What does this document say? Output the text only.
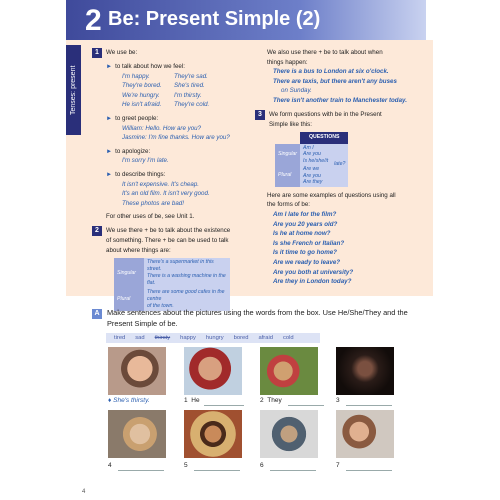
2 Be: Present Simple (2)
Tenses: present
1 We use be:
► to talk about how we feel:
I'm happy.	They're sad.
They're bored. She's tired.
We're hungry. I'm thirsty.
He isn't afraid. They're cold.
► to greet people:
William: Hello. How are you?
Jasmine: I'm fine thanks. How are you?
► to apologize:
I'm sorry I'm late.
► to describe things:
It isn't expensive. It's cheap.
It's an old film. It isn't very good.
These photos are bad!
For other uses of be, see Unit 1.
2 We use there + be to talk about the existence
of something. There + be can be used to talk
about where things are:
Singular	There's a supermarket in this street.
There is a washing machine in the flat.

Plural	There are some good cafes in the centre
of the town.
We also use there + be to talk about when
things happen:
There is a bus to London at six o'clock.
There are taxis, but there aren't any buses
on Sunday.
There isn't another train to Manchester today.
3 We form questions with be in the Present
Simple like this:
	QUESTIONS	
Singular	Am I
Are you
Is he/she/it	late?
Plural	Are we
Are you
Are they	
Here are some examples of questions using all
the forms of be:
Am I late for the film?
Are you 20 years old?
Is he at home now?
Is she French or Italian?
Is it time to go home?
Are we ready to leave?
Are you both at university?
Are they in London today?
A Make sentences about the pictures using the words from the box. Use He/She/They and the
Present Simple of be.
tired sad thirsty happy hungry bored afraid cold
♦ She's thirsty.	1 He	2 They	3
4	5	6	7
4
